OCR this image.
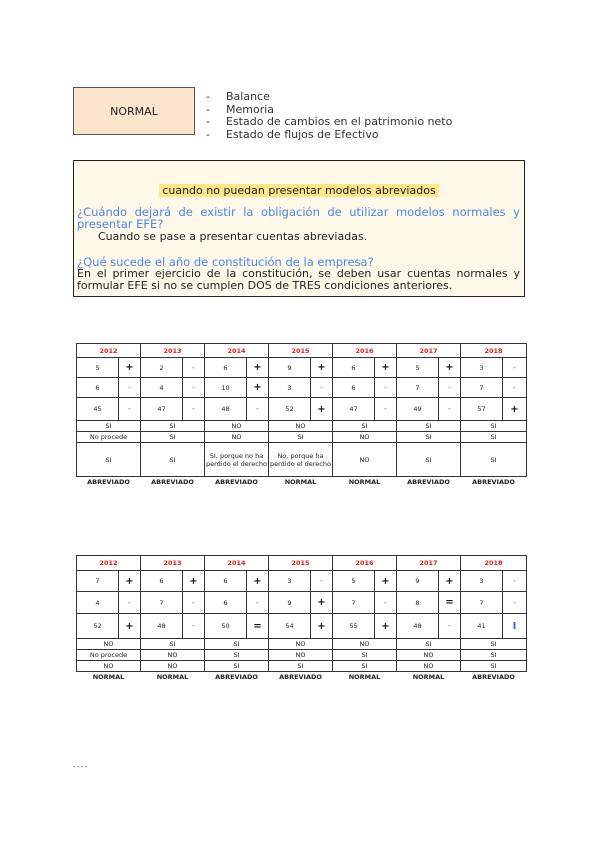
NORMAL
- Balance
- Memoria
- Estado de cambios en el patrimonio neto
- Estado de flujos de Efectivo
cuando no puedan presentar modelos abreviados
¿Cuándo dejará de existir la obligación de utilizar modelos normales y presentar EFE?
Cuando se pase a presentar cuentas abreviadas.
¿Qué sucede el año de constitución de la empresa?
En el primer ejercicio de la constitución, se deben usar cuentas normales y formular EFE si no se cumplen DOS de TRES condiciones anteriores.
2012		2013		2014		2015		2016		2017		2018	
5	+	2	-	6	+	9	+	6	+	5	+	3	-
6	-	4	-	10	+	3	-	6	-	7	-	7	-
45	-	47	-	48	-	52	+	47	-	49	-	57	+
SI		SI		NO		NO		SI		SI		SI	
No procede		SI		NO		SI		NO		SI		SI	
SI		SI		SI, porque no ha perdido el derecho		No, porque ha perdido el derecho		NO		SI		SI	
ABREVIADO		ABREVIADO		ABREVIADO		NORMAL		NORMAL		ABREVIADO		ABREVIADO	
2012		2013		2014		2015		2016		2017		2018	
7	+	6	+	6	+	3	-	5	+	9	+	3	-
4	-	7	-	6	-	9	+	7	-	8	=	7	-
52	+	48	-	50	=	54	+	55	+	48	-	41	I
NO		SI		SI		NO		NO		SI		SI	
No procede		NO		SI		NO		SI		NO		SI	
NO		NO		SI		SI		SI		NO		SI	
NORMAL		NORMAL		ABREVIADO		ABREVIADO		NORMAL		NORMAL		ABREVIADO	
----
